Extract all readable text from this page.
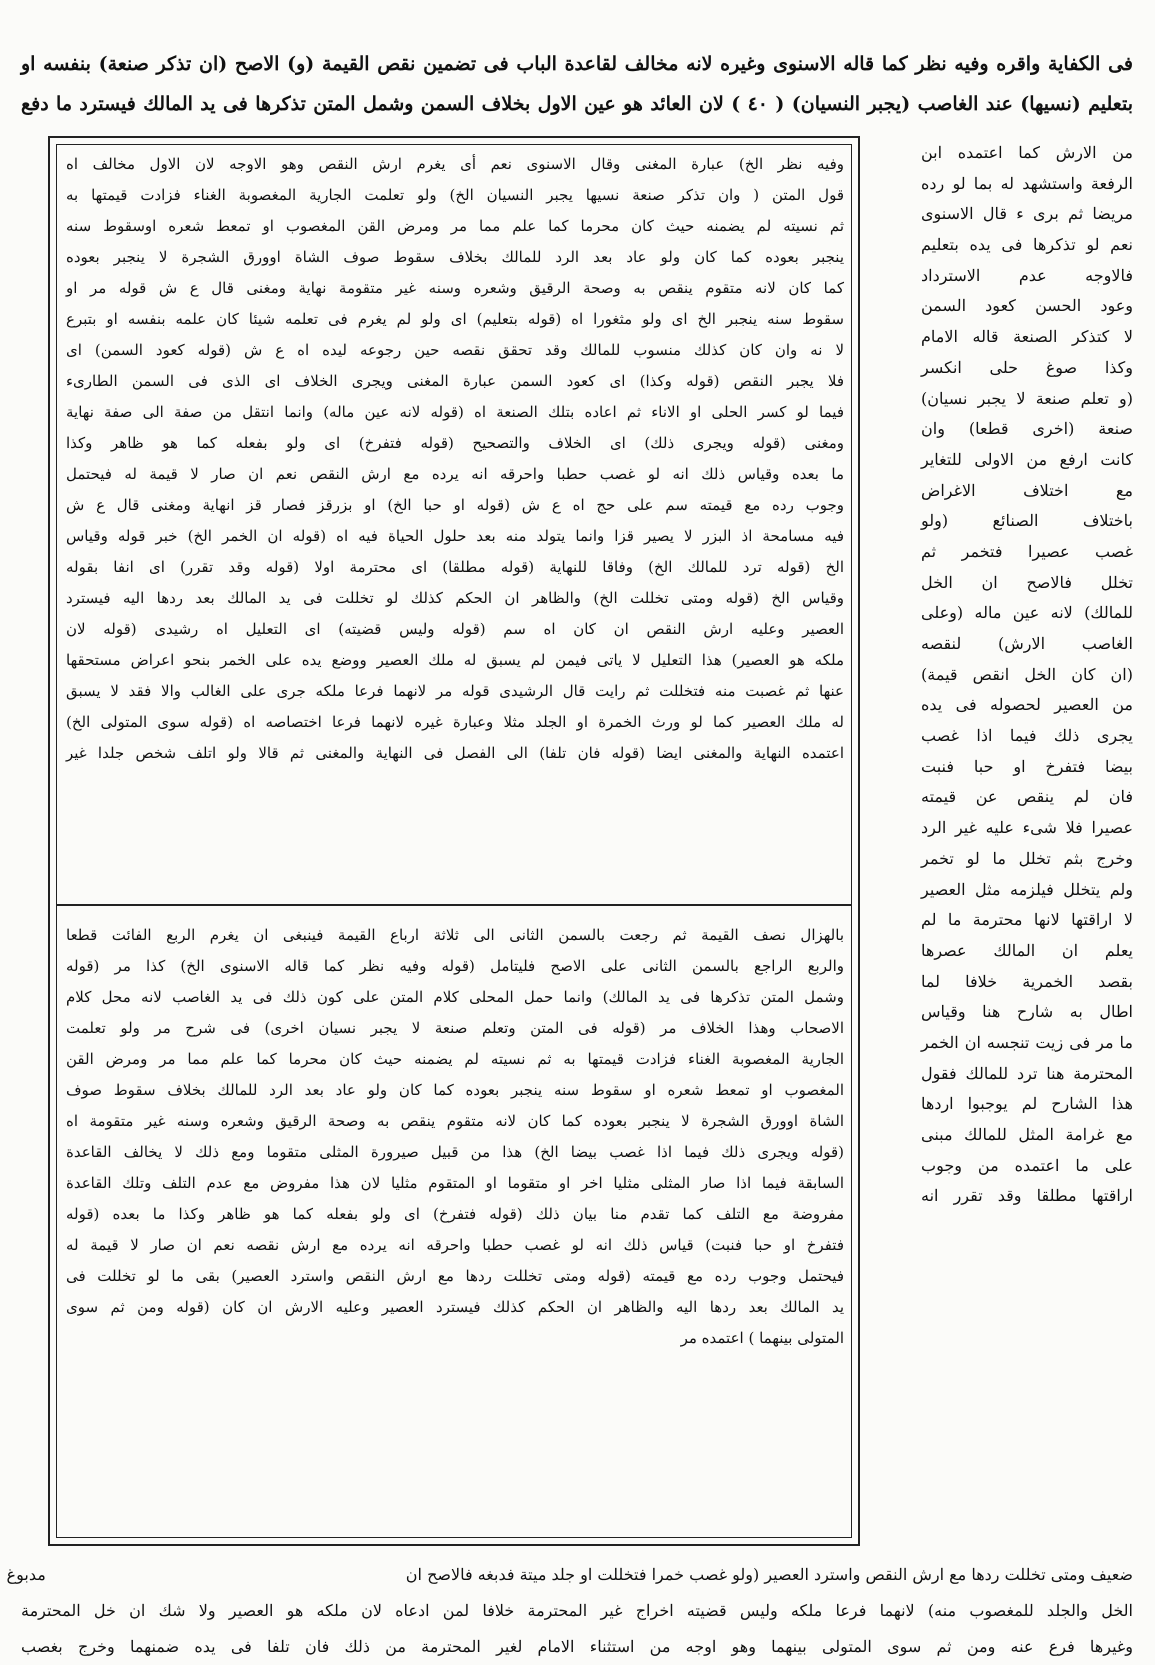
فى الكفاية واقره وفيه نظر كما قاله الاسنوى وغيره لانه مخالف لقاعدة الباب فى تضمين نقص القيمة (و) الاصح (ان تذكر صنعة) بنفسه او

بتعليم (نسيها) عند الغاصب (يجبر النسيان) ( ٤٠ ) لان العائد هو عين الاول بخلاف السمن وشمل المتن تذكرها فى يد المالك فيسترد ما دفع

من الارش كما اعتمده ابن

الرفعة واستشهد له بما لو رده

مريضا ثم برى ء قال الاسنوى

نعم لو تذكرها فى يده بتعليم

فالاوجه عدم الاسترداد

وعود الحسن كعود السمن

لا كتذكر الصنعة قاله الامام

وكذا صوغ حلى انكسر

(و تعلم صنعة لا يجبر نسيان)

صنعة (اخرى قطعا) وان

كانت ارفع من الاولى للتغاير

مع اختلاف الاغراض

باختلاف الصنائع (ولو

غصب عصيرا فتخمر ثم

تخلل فالاصح ان الخل

للمالك) لانه عين ماله (وعلى

الغاصب الارش) لنقصه

(ان كان الخل انقص قيمة)

من العصير لحصوله فى يده

يجرى ذلك فيما اذا غصب

بيضا فتفرخ او حبا فنبت

فان لم ينقص عن قيمته

عصيرا فلا شىء عليه غير الرد

وخرج بثم تخلل ما لو تخمر

ولم يتخلل فيلزمه مثل العصير

لا اراقتها لانها محترمة ما لم

يعلم ان المالك عصرها

بقصد الخمرية خلافا لما

اطال به شارح هنا وقياس

ما مر فى زيت تنجسه ان الخمر

المحترمة هنا ترد للمالك فقول

هذا الشارح لم يوجبوا اردها

مع غرامة المثل للمالك مبنى

على ما اعتمده من وجوب

اراقتها مطلقا وقد تقرر انه

وفيه نظر الخ) عبارة المغنى وقال الاسنوى نعم أى يغرم ارش النقص وهو الاوجه لان الاول مخالف اه

قول المتن ( وان تذكر صنعة نسيها يجبر النسيان الخ) ولو تعلمت الجارية المغصوبة الغناء فزادت قيمتها به

ثم نسيته لم يضمنه حيث كان محرما كما علم مما مر ومرض القن المغصوب او تمعط شعره اوسقوط سنه

ينجبر بعوده كما كان ولو عاد بعد الرد للمالك بخلاف سقوط صوف الشاة اوورق الشجرة لا ينجبر بعوده

كما كان لانه متقوم ينقص به وصحة الرقيق وشعره وسنه غير متقومة نهاية ومغنى قال ع ش قوله مر او

سقوط سنه ينجبر الخ اى ولو مثغورا اه (قوله بتعليم) اى ولو لم يغرم فى تعلمه شيئا كان علمه بنفسه او بتبرع

لا نه وان كان كذلك منسوب للمالك وقد تحقق نقصه حين رجوعه ليده اه ع ش (قوله كعود السمن) اى

فلا يجبر النقص (قوله وكذا) اى كعود السمن عبارة المغنى ويجرى الخلاف اى الذى فى السمن الطارىء

فيما لو كسر الحلى او الاناء ثم اعاده بتلك الصنعة اه (قوله لانه عين ماله) وانما انتقل من صفة الى صفة نهاية

ومغنى (قوله ويجرى ذلك) اى الخلاف والتصحيح (قوله فتفرخ) اى ولو بفعله كما هو ظاهر وكذا

ما بعده وقياس ذلك انه لو غصب حطبا واحرقه انه يرده مع ارش النقص نعم ان صار لا قيمة له فيحتمل

وجوب رده مع قيمته سم على حج اه ع ش (قوله او حبا الخ) او بزرقز فصار قز انهاية ومغنى قال ع ش

فيه مسامحة اذ البزر لا يصير قزا وانما يتولد منه بعد حلول الحياة فيه اه (قوله ان الخمر الخ) خبر قوله وقياس

الخ (قوله ترد للمالك الخ) وفاقا للنهاية (قوله مطلقا) اى محترمة اولا (قوله وقد تقرر) اى انفا بقوله

وقياس الخ (قوله ومتى تخللت الخ) والظاهر ان الحكم كذلك لو تخللت فى يد المالك بعد ردها اليه فيسترد

العصير وعليه ارش النقص ان كان اه سم (قوله وليس قضيته) اى التعليل اه رشيدى (قوله لان

ملكه هو العصير) هذا التعليل لا ياتى فيمن لم يسبق له ملك العصير ووضع يده على الخمر بنحو اعراض مستحقها

عنها ثم غصبت منه فتخللت ثم رايت قال الرشيدى قوله مر لانهما فرعا ملكه جرى على الغالب والا فقد لا يسبق

له ملك العصير كما لو ورث الخمرة او الجلد مثلا وعبارة غيره لانهما فرعا اختصاصه اه (قوله سوى المتولى الخ)

اعتمده النهاية والمغنى ايضا (قوله فان تلفا) الى الفصل فى النهاية والمغنى ثم قالا ولو اتلف شخص جلدا غير

بالهزال نصف القيمة ثم رجعت بالسمن الثانى الى ثلاثة ارباع القيمة فينبغى ان يغرم الربع الفائت قطعا

والربع الراجع بالسمن الثانى على الاصح فليتامل (قوله وفيه نظر كما قاله الاسنوى الخ) كذا مر (قوله

وشمل المتن تذكرها فى يد المالك) وانما حمل المحلى كلام المتن على كون ذلك فى يد الغاصب لانه محل كلام

الاصحاب وهذا الخلاف مر (قوله فى المتن وتعلم صنعة لا يجبر نسيان اخرى) فى شرح مر ولو تعلمت

الجارية المغصوبة الغناء فزادت قيمتها به ثم نسيته لم يضمنه حيث كان محرما كما علم مما مر ومرض القن

المغصوب او تمعط شعره او سقوط سنه ينجبر بعوده كما كان ولو عاد بعد الرد للمالك بخلاف سقوط صوف

الشاة اوورق الشجرة لا ينجبر بعوده كما كان لانه متقوم ينقص به وصحة الرقيق وشعره وسنه غير متقومة اه

(قوله ويجرى ذلك فيما اذا غصب بيضا الخ) هذا من قبيل صيرورة المثلى متقوما ومع ذلك لا يخالف القاعدة

السابقة فيما اذا صار المثلى مثليا اخر او متقوما او المتقوم مثليا لان هذا مفروض مع عدم التلف وتلك القاعدة

مفروضة مع التلف كما تقدم منا بيان ذلك (قوله فتفرخ) اى ولو بفعله كما هو ظاهر وكذا ما بعده (قوله

فتفرخ او حبا فنبت) قياس ذلك انه لو غصب حطبا واحرقه انه يرده مع ارش نقصه نعم ان صار لا قيمة له

فيحتمل وجوب رده مع قيمته (قوله ومتى تخللت ردها مع ارش النقص واسترد العصير) بقى ما لو تخللت فى

يد المالك بعد ردها اليه والظاهر ان الحكم كذلك فيسترد العصير وعليه الارش ان كان (قوله ومن ثم سوى

المتولى بينهما ) اعتمده مر

ضعيف ومتى تخللت ردها مع ارش النقص واسترد العصير (ولو غصب خمرا فتخللت او جلد ميتة فدبغه فالاصح انمدبوغ

الخل والجلد للمغصوب منه) لانهما فرعا ملكه وليس قضيته اخراج غير المحترمة خلافا لمن ادعاه لان ملكه هو العصير ولا شك ان خل المحترمة

وغيرها فرع عنه ومن ثم سوى المتولى بينهما وهو اوجه من استثناء الامام لغير المحترمة من ذلك فان تلفا فى يده ضمنهما وخرج بغصب
